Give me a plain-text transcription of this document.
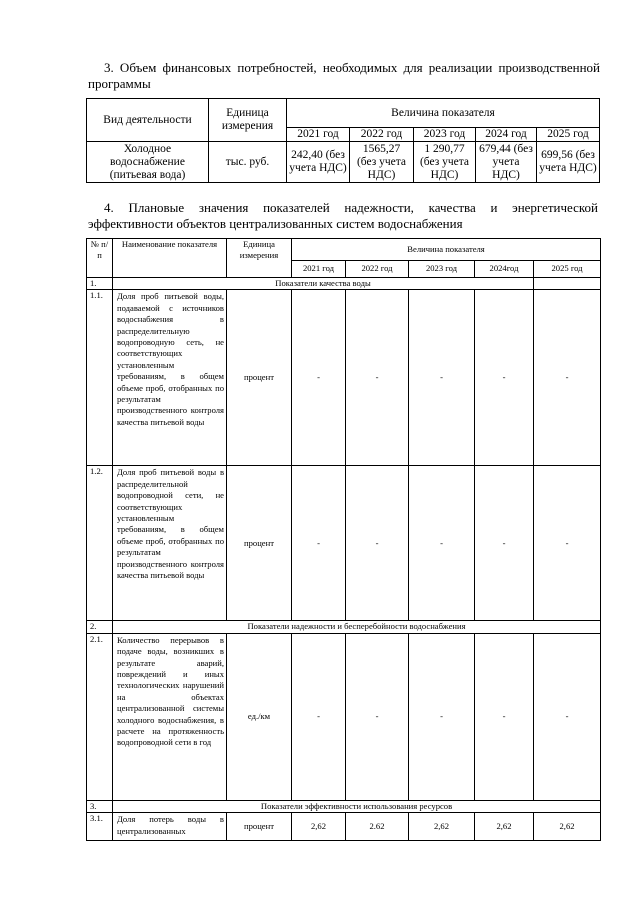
3. Объем финансовых потребностей, необходимых для реализации производственной программы
Вид деятельности	Единица измерения	Величина показателя				
		2021 год	2022 год	2023 год	2024 год	2025 год
Холодное водоснабжение (питьевая вода)	тыс. руб.	242,40 (без учета НДС)	1565,27 (без учета НДС)	1 290,77 (без учета НДС)	679,44 (без учета НДС)	699,56 (без учета НДС)
4. Плановые значения показателей надежности, качества и энергетической эффективности объектов централизованных систем водоснабжения
№ п/п	Наименование показателя	Единица измерения	Величина показателя				
			2021 год	2022 год	2023 год	2024год	2025 год
1.	Показатели качества воды						
1.1.	Доля проб питьевой воды, подаваемой с источников водоснабжения в распределительную водопроводную сеть, не соответствующих установленным требованиям, в общем объеме проб, отобранных по результатам производственного контроля качества питьевой воды	процент	-	-	-	-	-
1.2.	Доля проб питьевой воды в распределительной водопроводной сети, не соответствующих установленным требованиям, в общем объеме проб, отобранных по результатам производственного контроля качества питьевой воды	процент	-	-	-	-	-
2.	Показатели надежности и бесперебойности водоснабжения						
2.1.	Количество перерывов в подаче воды, возникших в результате аварий, повреждений и иных технологических нарушений на объектах централизованной системы холодного водоснабжения, в расчете на протяженность водопроводной сети в год	ед./км	-	-	-	-	-
3.	Показатели эффективности использования ресурсов						
3.1.	Доля потерь воды в централизованных	процент	2,62	2.62	2,62	2,62	2,62
